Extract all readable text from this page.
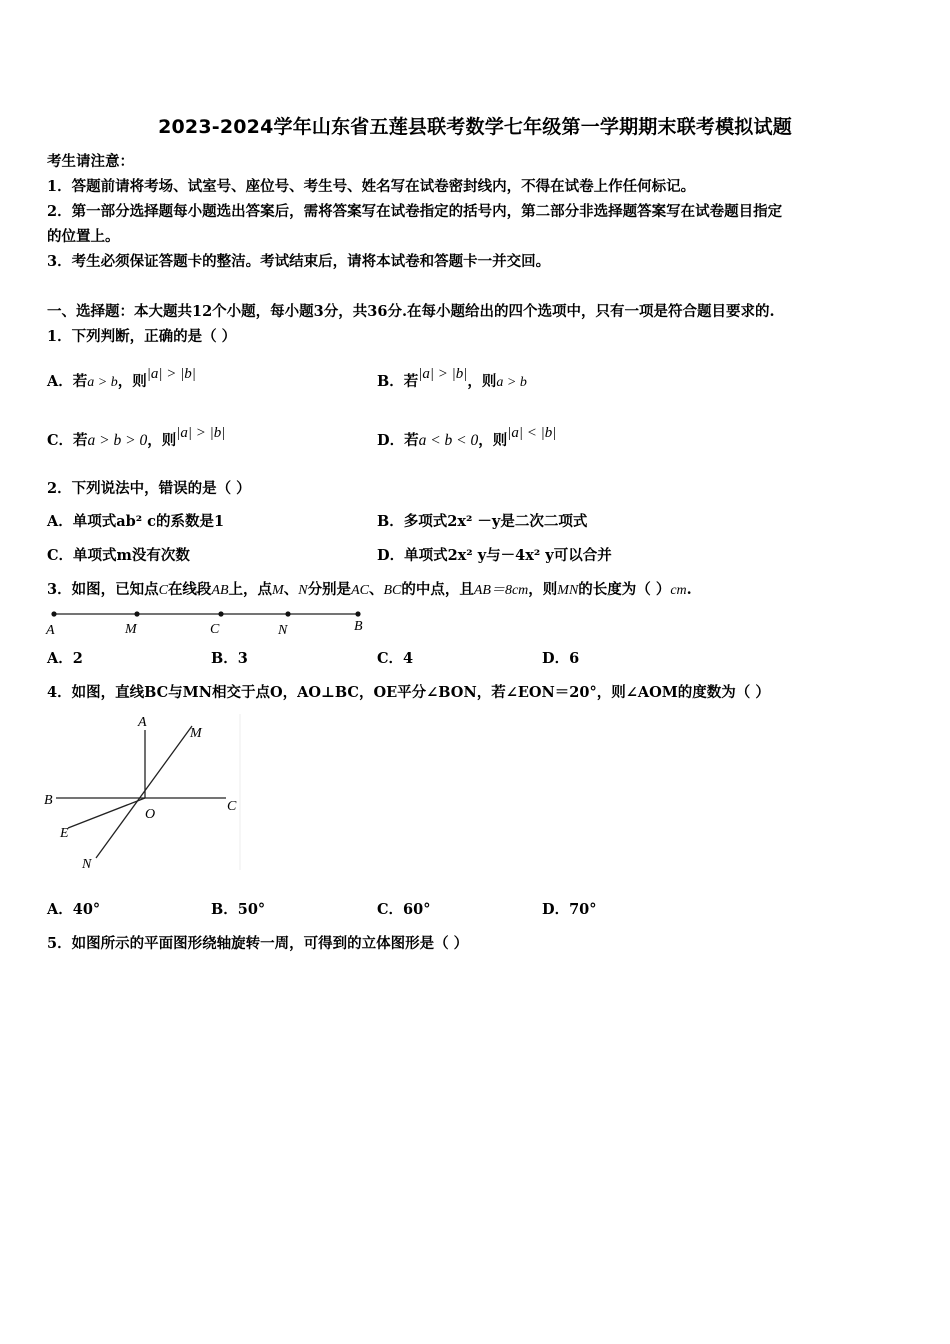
2023-2024学年山东省五莲县联考数学七年级第一学期期末联考模拟试题
考生请注意：
1．答题前请将考场、试室号、座位号、考生号、姓名写在试卷密封线内，不得在试卷上作任何标记。
2．第一部分选择题每小题选出答案后，需将答案写在试卷指定的括号内，第二部分非选择题答案写在试卷题目指定
的位置上。
3．考生必须保证答题卡的整洁。考试结束后，请将本试卷和答题卡一并交回。
一、选择题：本大题共12个小题，每小题3分，共36分.在每小题给出的四个选项中，只有一项是符合题目要求的.
1．下列判断，正确的是（ ）
A．若a > b，则|a| > |b|	B．若|a| > |b|，则a > b
C．若a > b > 0，则|a| > |b|	D．若a < b < 0，则|a| < |b|
2．下列说法中，错误的是（ ）
A．单项式ab² c的系数是1	B．多项式2x² －y是二次二项式
C．单项式m没有次数	D．单项式2x² y与－4x² y可以合并
3．如图，已知点C在线段AB上，点M、N分别是AC、BC的中点，且AB＝8cm，则MN的长度为（ ）cm.
A	M	C	N	B
A．2	B．3	C．4	D．6
4．如图，直线BC与MN相交于点O，AO⊥BC，OE平分∠BON，若∠EON＝20°，则∠AOM的度数为（ ）
A
M
B
O
C
E
N
A．40°	B．50°	C．60°	D．70°
5．如图所示的平面图形绕轴旋转一周，可得到的立体图形是（ ）
